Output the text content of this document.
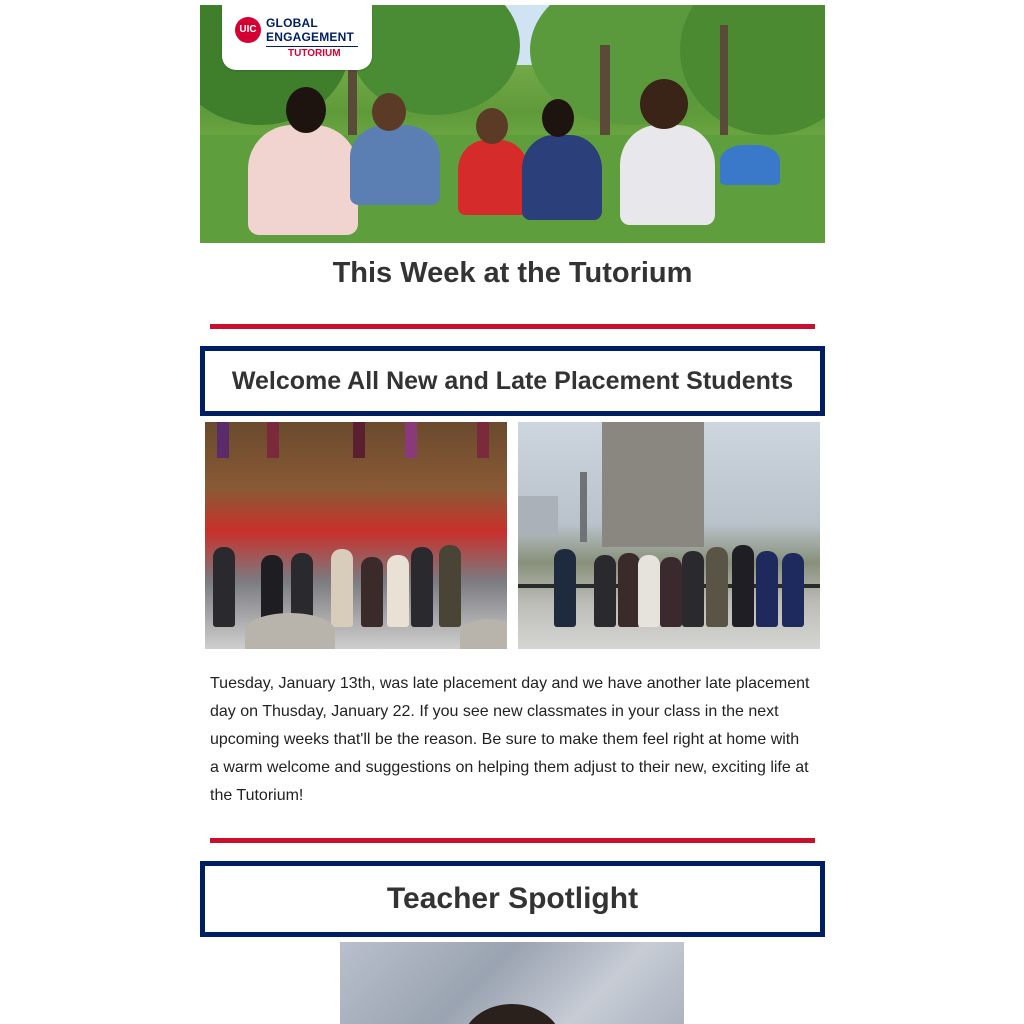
UIC GLOBAL
ENGAGEMENT
TUTORIUM
This Week at the Tutorium
Welcome All New and Late Placement Students
Tuesday, January 13th, was late placement day and we have another late placement day on Thusday, January 22. If you see new classmates in your class in the next upcoming weeks that'll be the reason. Be sure to make them feel right at home with a warm welcome and suggestions on helping them adjust to their new, exciting life at the Tutorium!
Teacher Spotlight
